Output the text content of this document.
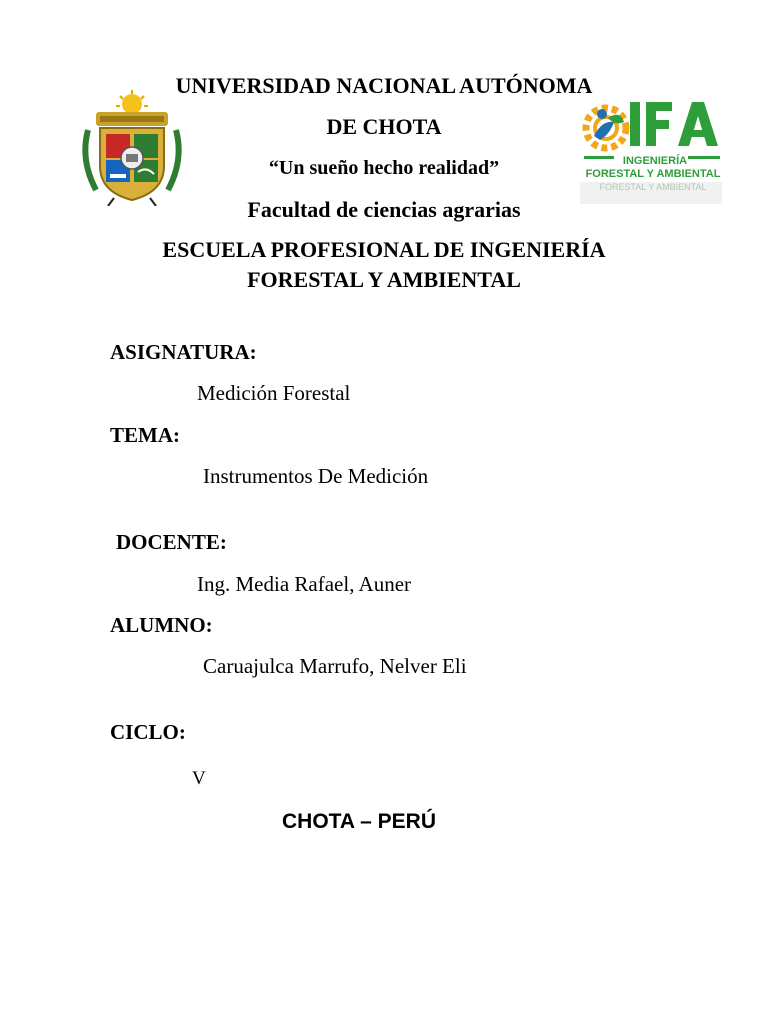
INGENIERÍA
FORESTAL Y AMBIENTAL
FORESTAL Y AMBIENTAL
UNIVERSIDAD NACIONAL AUTÓNOMA
DE CHOTA
“Un sueño hecho realidad”
Facultad de ciencias agrarias
ESCUELA PROFESIONAL DE INGENIERÍA
FORESTAL Y AMBIENTAL
ASIGNATURA:
Medición Forestal
TEMA:
Instrumentos De Medición
DOCENTE:
Ing. Media Rafael, Auner
ALUMNO:
Caruajulca Marrufo, Nelver Eli
CICLO:
V
CHOTA – PERÚ
